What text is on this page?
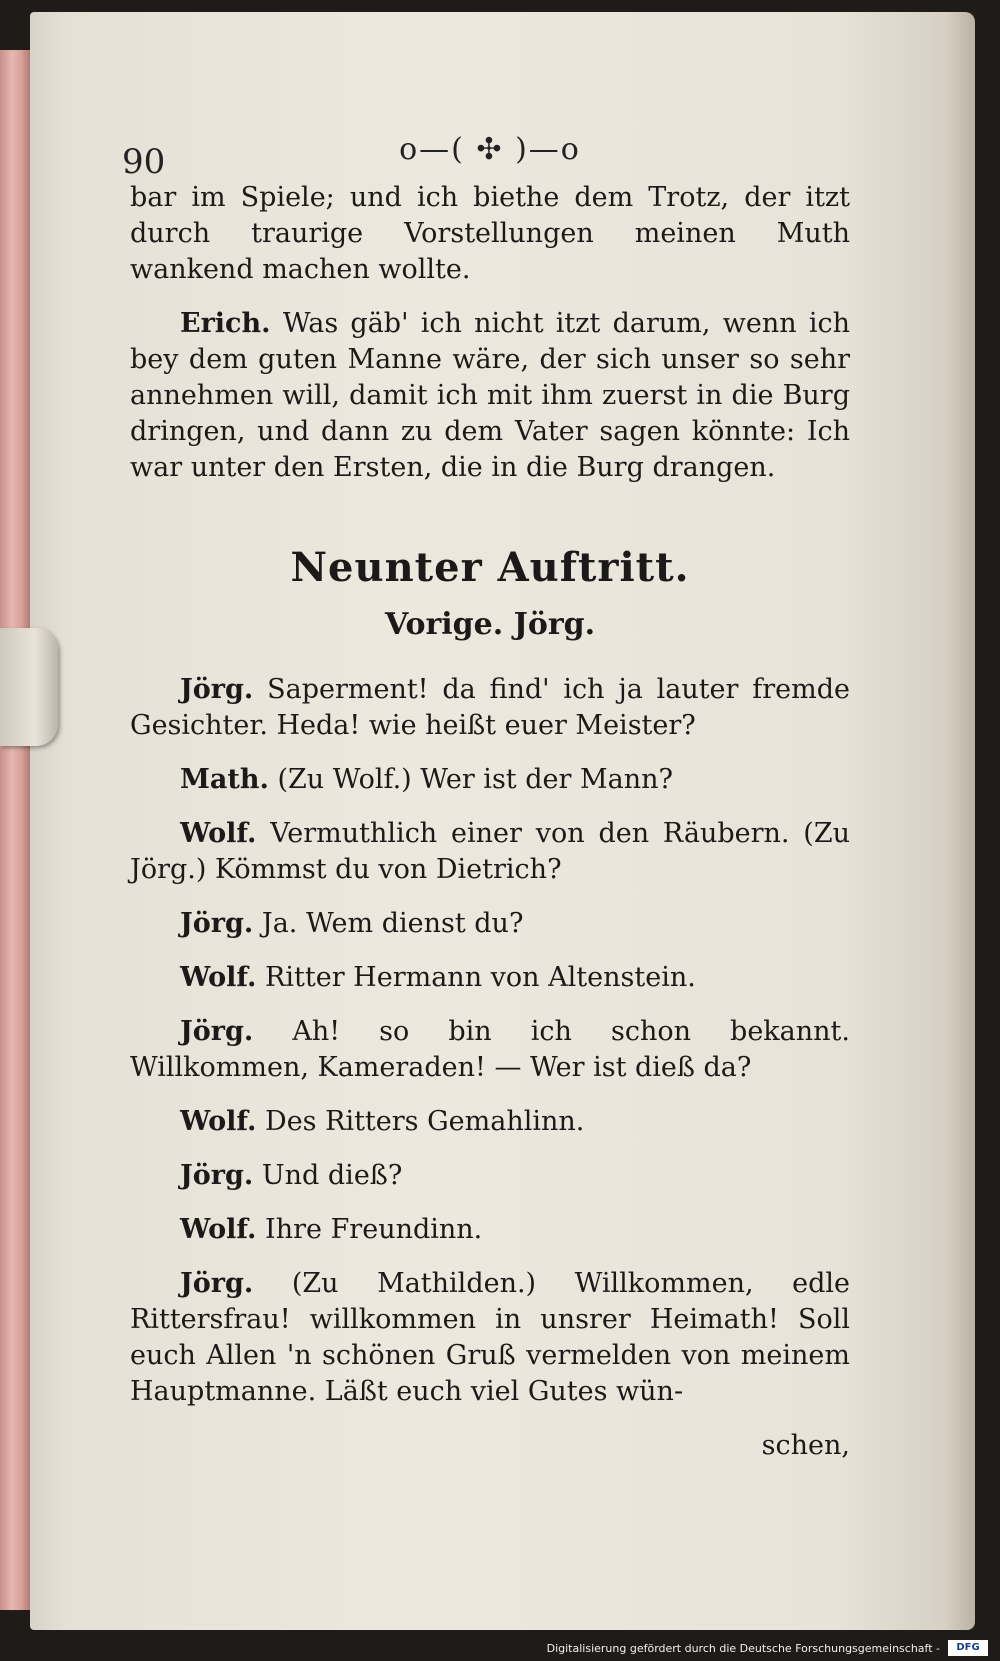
90	o—( ✣ )—o

bar im Spiele; und ich biethe dem Trotz, der itzt durch traurige Vorstellungen meinen Muth wankend machen wollte.

Erich. Was gäb' ich nicht itzt darum, wenn ich bey dem guten Manne wäre, der sich unser so sehr annehmen will, damit ich mit ihm zuerst in die Burg dringen, und dann zu dem Vater sagen könnte: Ich war unter den Ersten, die in die Burg drangen.

Neunter Auftritt.
Vorige. Jörg.

Jörg. Saperment! da find' ich ja lauter fremde Gesichter. Heda! wie heißt euer Meister?

Math. (Zu Wolf.) Wer ist der Mann?

Wolf. Vermuthlich einer von den Räubern. (Zu Jörg.) Kömmst du von Dietrich?

Jörg. Ja. Wem dienst du?

Wolf. Ritter Hermann von Altenstein.

Jörg. Ah! so bin ich schon bekannt. Willkommen, Kameraden! — Wer ist dieß da?

Wolf. Des Ritters Gemahlinn.

Jörg. Und dieß?

Wolf. Ihre Freundinn.

Jörg. (Zu Mathilden.) Willkommen, edle Rittersfrau! willkommen in unsrer Heimath! Soll euch Allen 'n schönen Gruß vermelden von meinem Hauptmanne. Läßt euch viel Gutes wün-

schen,

Digitalisierung gefördert durch die Deutsche Forschungsgemeinschaft -	DFG
